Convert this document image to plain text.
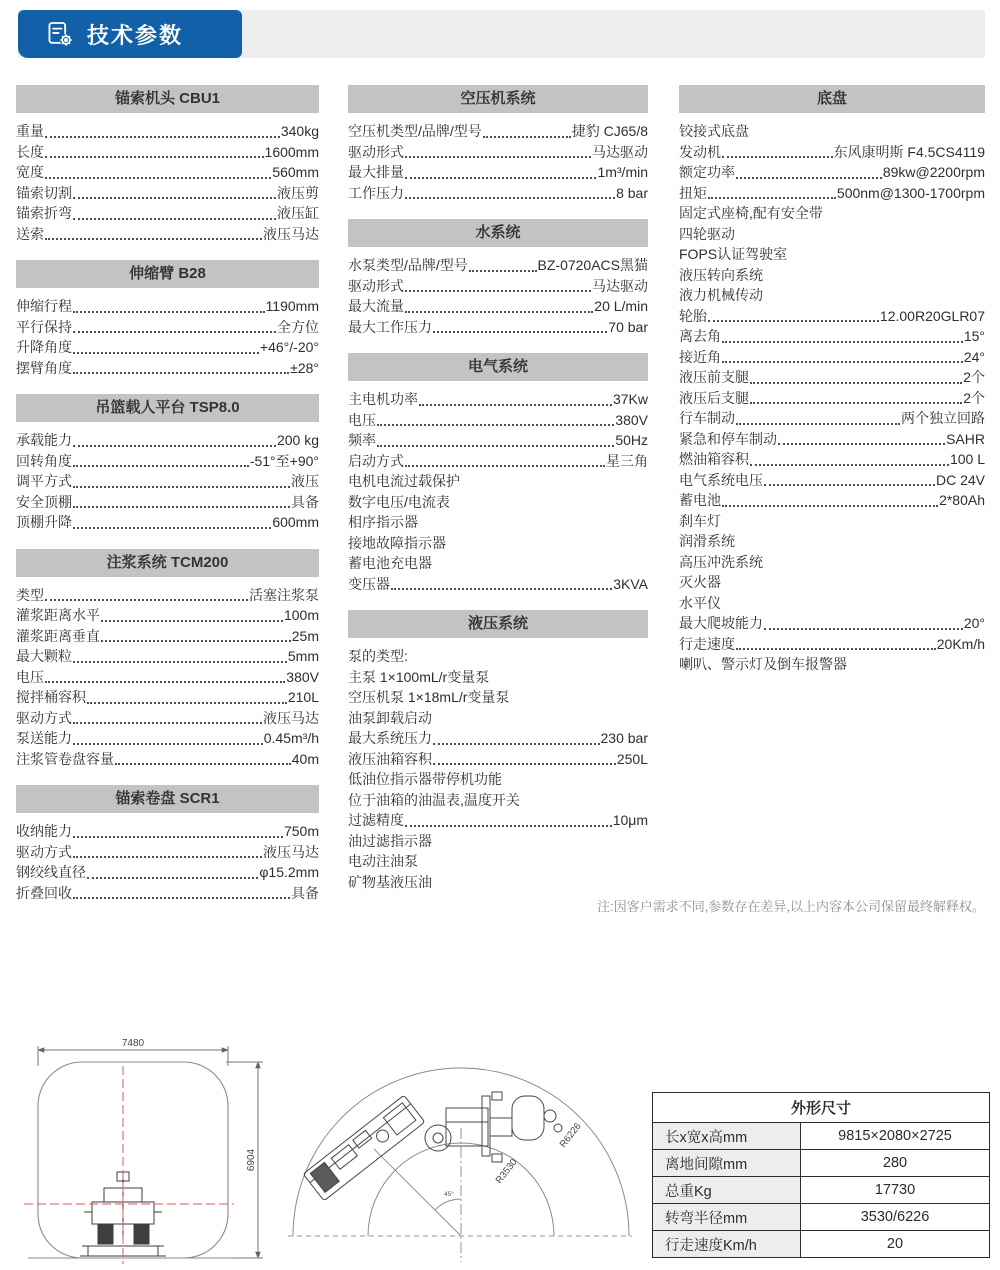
技术参数
锚索机头 CBU1
重量	340kg
长度	1600mm
宽度	560mm
锚索切割	液压剪
锚索折弯	液压缸
送索	液压马达
伸缩臂 B28
伸缩行程	1190mm
平行保持	全方位
升降角度	+46°/-20°
摆臂角度	±28°
吊篮载人平台 TSP8.0
承载能力	200 kg
回转角度	-51°至+90°
调平方式	液压
安全顶棚	具备
顶棚升降	600mm
注浆系统 TCM200
类型	活塞注浆泵
灌浆距离水平	100m
灌浆距离垂直	25m
最大颗粒	5mm
电压	380V
搅拌桶容积	210L
驱动方式	液压马达
泵送能力	0.45m³/h
注浆管卷盘容量	40m
锚索卷盘 SCR1
收纳能力	750m
驱动方式	液压马达
钢绞线直径	φ15.2mm
折叠回收	具备
空压机系统
空压机类型/品牌/型号	捷豹 CJ65/8
驱动形式	马达驱动
最大排量	1m³/min
工作压力	8 bar
水系统
水泵类型/品牌/型号	BZ-0720ACS黑猫
驱动形式	马达驱动
最大流量	20 L/min
最大工作压力	70 bar
电气系统
主电机功率	37Kw
电压	380V
频率	50Hz
启动方式	星三角
电机电流过载保护
数字电压/电流表
相序指示器
接地故障指示器
蓄电池充电器
变压器	3KVA
液压系统
泵的类型:
主泵 1×100mL/r变量泵
空压机泵 1×18mL/r变量泵
油泵卸载启动
最大系统压力	230 bar
液压油箱容积	250L
低油位指示器带停机功能
位于油箱的油温表,温度开关
过滤精度	10μm
油过滤指示器
电动注油泵
矿物基液压油
底盘
铰接式底盘
发动机	东风康明斯 F4.5CS4119
额定功率	89kw@2200rpm
扭矩	500nm@1300-1700rpm
固定式座椅,配有安全带
四轮驱动
FOPS认证驾驶室
液压转向系统
液力机械传动
轮胎	12.00R20GLR07
离去角	15°
接近角	24°
液压前支腿	2个
液压后支腿	2个
行车制动	两个独立回路
紧急和停车制动	SAHR
燃油箱容积	100 L
电气系统电压	DC 24V
蓄电池	2*80Ah
刹车灯
润滑系统
高压冲洗系统
灭火器
水平仪
最大爬坡能力	20°
行走速度	20Km/h
喇叭、警示灯及倒车报警器
注:因客户需求不同,参数存在差异,以上内容本公司保留最终解释权。
7480
6904
45°
R3530
R6226
外形尺寸	
长x宽x高mm	9815×2080×2725
离地间隙mm	280
总重Kg	17730
转弯半径mm	3530/6226
行走速度Km/h	20
